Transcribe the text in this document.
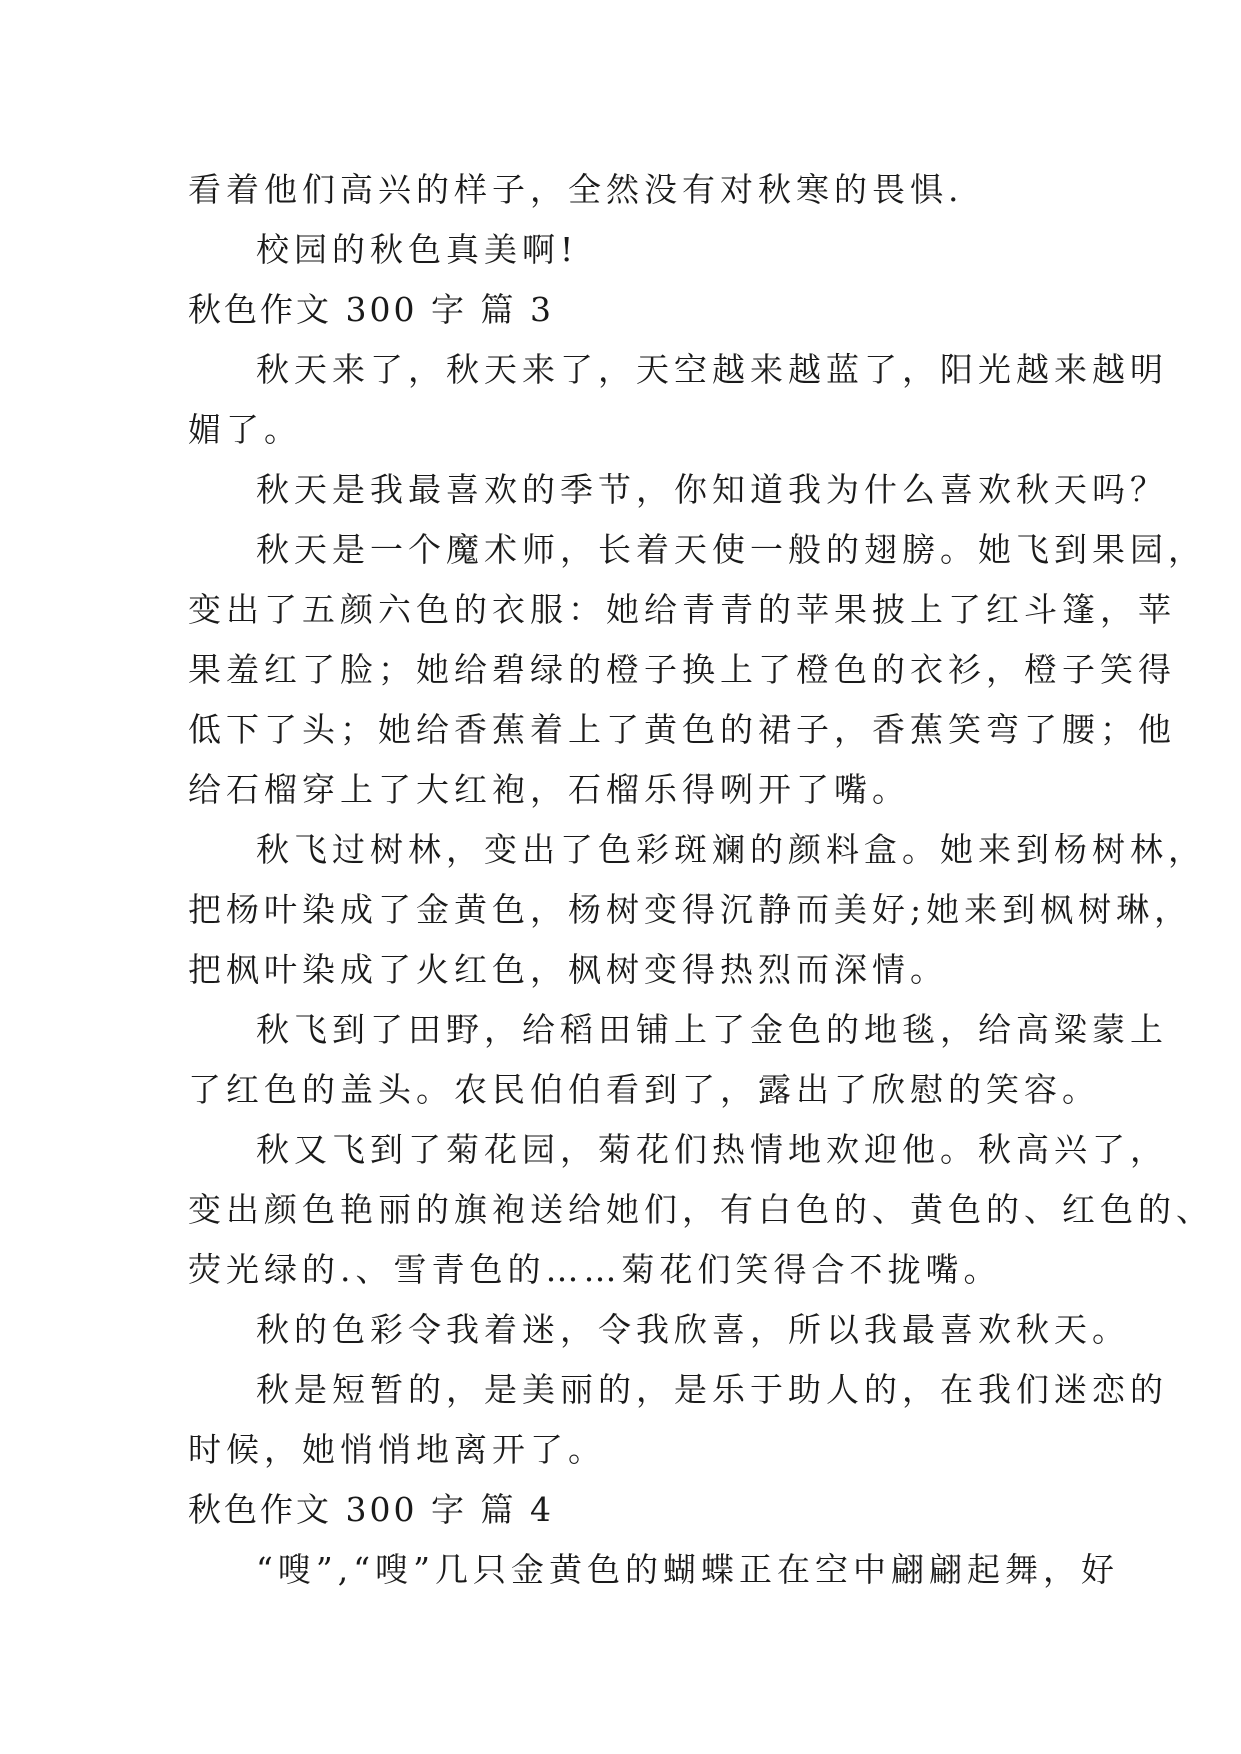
看着他们高兴的样子，全然没有对秋寒的畏惧.
校园的秋色真美啊!
秋色作文 300 字 篇 3
秋天来了，秋天来了，天空越来越蓝了，阳光越来越明
媚了。
秋天是我最喜欢的季节，你知道我为什么喜欢秋天吗？
秋天是一个魔术师，长着天使一般的翅膀。她飞到果园，
变出了五颜六色的衣服：她给青青的苹果披上了红斗篷，苹
果羞红了脸；她给碧绿的橙子换上了橙色的衣衫，橙子笑得
低下了头；她给香蕉着上了黄色的裙子，香蕉笑弯了腰；他
给石榴穿上了大红袍，石榴乐得咧开了嘴。
秋飞过树林，变出了色彩斑斓的颜料盒。她来到杨树林，
把杨叶染成了金黄色，杨树变得沉静而美好;她来到枫树琳，
把枫叶染成了火红色，枫树变得热烈而深情。
秋飞到了田野，给稻田铺上了金色的地毯，给高粱蒙上
了红色的盖头。农民伯伯看到了，露出了欣慰的笑容。
秋又飞到了菊花园，菊花们热情地欢迎他。秋高兴了，
变出颜色艳丽的旗袍送给她们，有白色的、黄色的、红色的、
荧光绿的.、雪青色的……菊花们笑得合不拢嘴。
秋的色彩令我着迷，令我欣喜，所以我最喜欢秋天。
秋是短暂的，是美丽的，是乐于助人的，在我们迷恋的
时候，她悄悄地离开了。
秋色作文 300 字 篇 4
“嗖”,“嗖”几只金黄色的蝴蝶正在空中翩翩起舞，好
